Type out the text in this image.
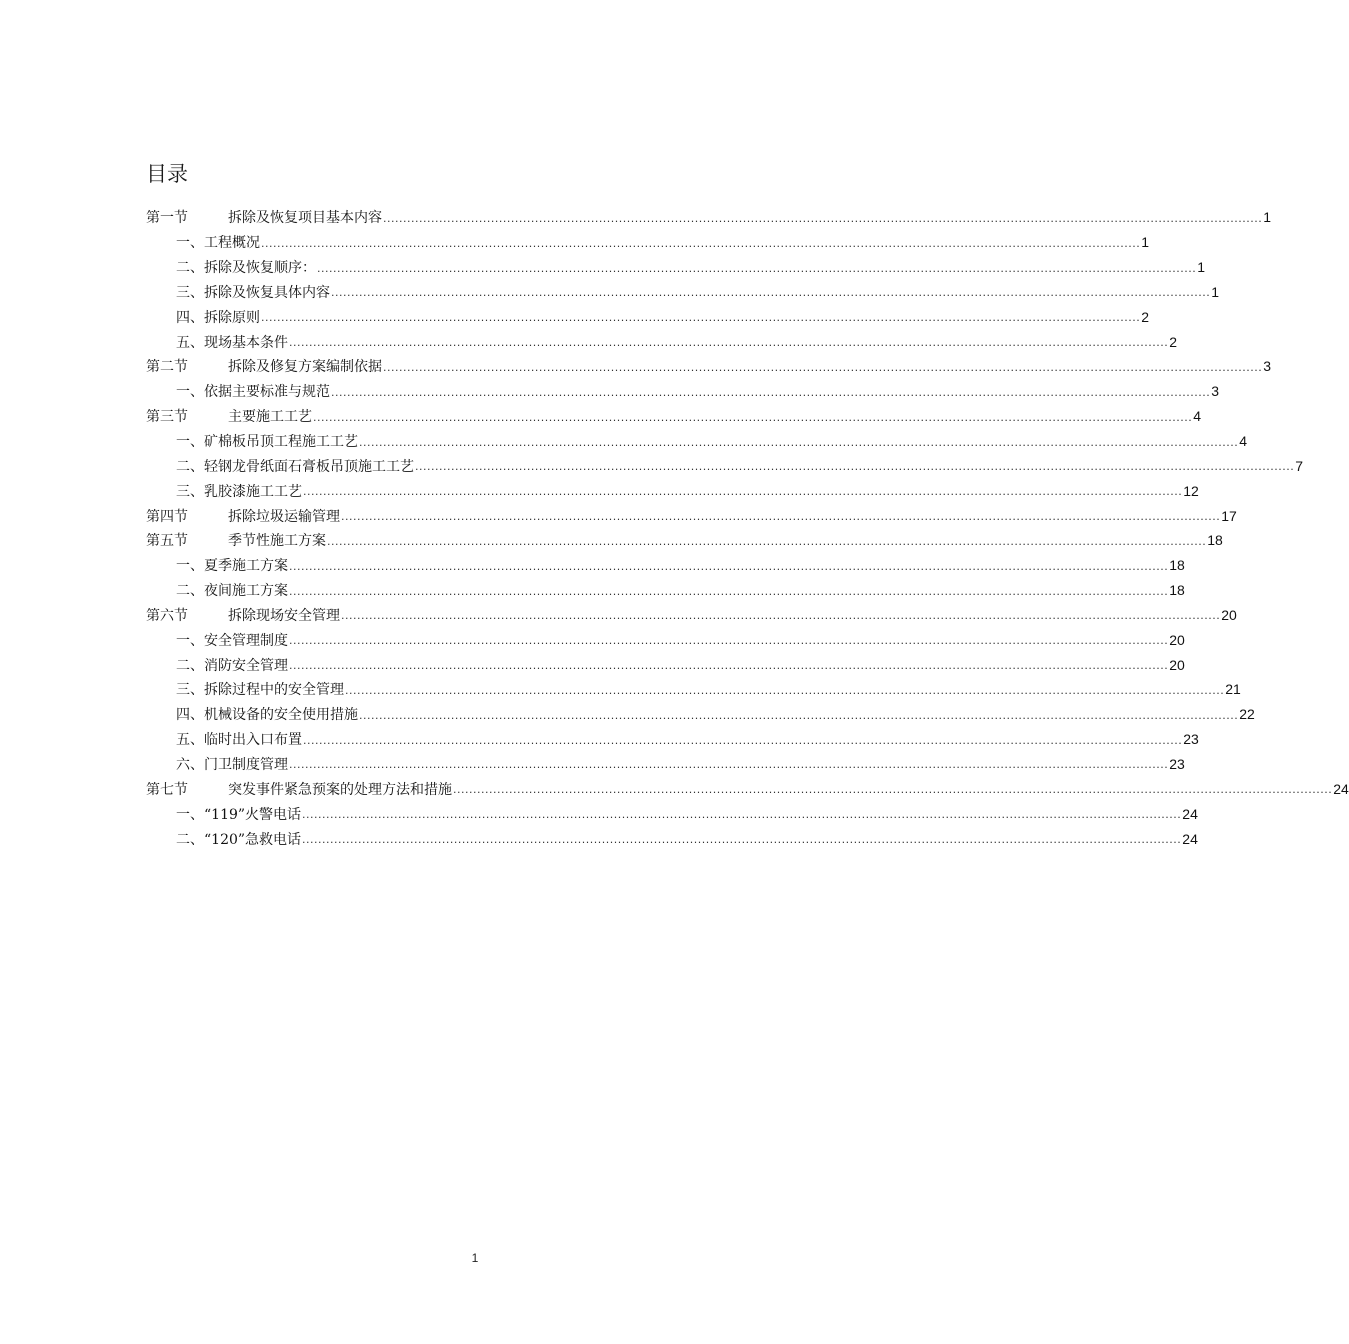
目录
第一节	拆除及恢复项目基本内容 ............................................................................................................................................................................................................................ 1
一、工程概况 ............................................................................................................................................................................................................................ 1
二、拆除及恢复顺序： ............................................................................................................................................................................................................................ 1
三、拆除及恢复具体内容 ............................................................................................................................................................................................................................ 1
四、拆除原则 ............................................................................................................................................................................................................................ 2
五、现场基本条件 ............................................................................................................................................................................................................................ 2
第二节	拆除及修复方案编制依据 ............................................................................................................................................................................................................................ 3
一、依据主要标准与规范 ............................................................................................................................................................................................................................ 3
第三节	主要施工工艺 ............................................................................................................................................................................................................................ 4
一、矿棉板吊顶工程施工工艺 ............................................................................................................................................................................................................................ 4
二、轻钢龙骨纸面石膏板吊顶施工工艺 ............................................................................................................................................................................................................................ 7
三、乳胶漆施工工艺 ............................................................................................................................................................................................................................ 12
第四节	拆除垃圾运输管理 ............................................................................................................................................................................................................................ 17
第五节	季节性施工方案 ............................................................................................................................................................................................................................ 18
一、夏季施工方案 ............................................................................................................................................................................................................................ 18
二、夜间施工方案 ............................................................................................................................................................................................................................ 18
第六节	拆除现场安全管理 ............................................................................................................................................................................................................................ 20
一、安全管理制度 ............................................................................................................................................................................................................................ 20
二、消防安全管理 ............................................................................................................................................................................................................................ 20
三、拆除过程中的安全管理 ............................................................................................................................................................................................................................ 21
四、机械设备的安全使用措施 ............................................................................................................................................................................................................................ 22
五、临时出入口布置 ............................................................................................................................................................................................................................ 23
六、门卫制度管理 ............................................................................................................................................................................................................................ 23
第七节	突发事件紧急预案的处理方法和措施 ............................................................................................................................................................................................................................ 24
一、“119”火警电话 ............................................................................................................................................................................................................................ 24
二、“120”急救电话 ............................................................................................................................................................................................................................ 24
1
